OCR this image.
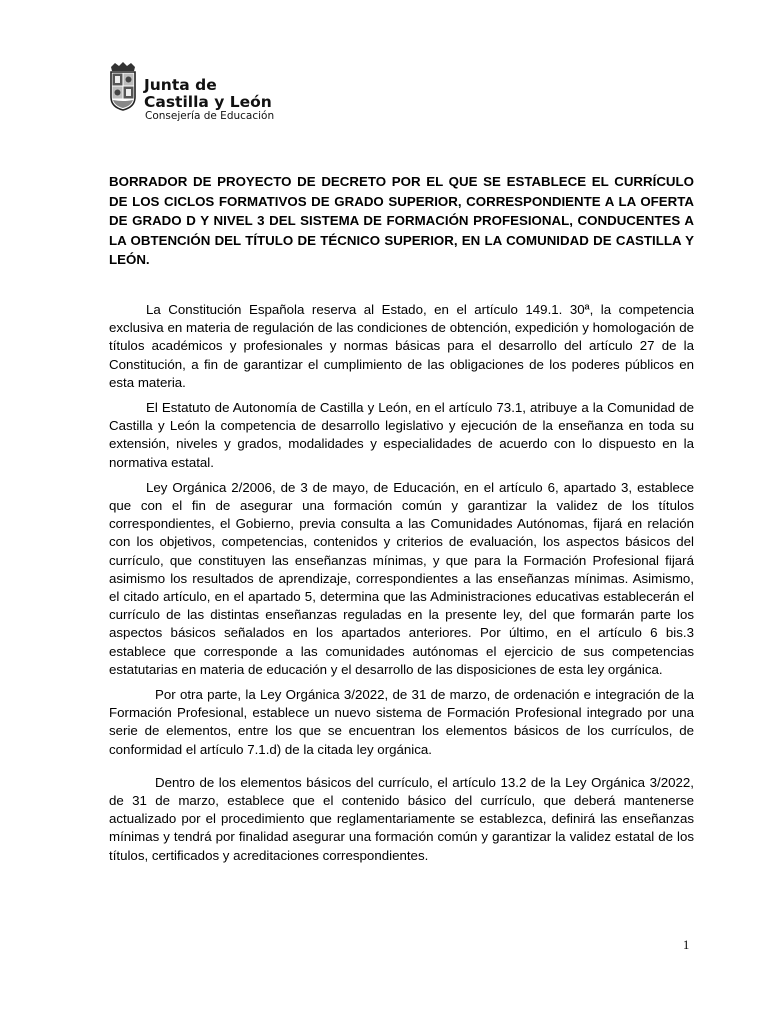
Junta de
Castilla y León
Consejería de Educación
BORRADOR DE PROYECTO DE DECRETO POR EL QUE SE ESTABLECE EL CURRÍCULO DE LOS CICLOS FORMATIVOS DE GRADO SUPERIOR, CORRESPONDIENTE A LA OFERTA DE GRADO D Y NIVEL 3 DEL SISTEMA DE FORMACIÓN PROFESIONAL, CONDUCENTES A LA OBTENCIÓN DEL TÍTULO DE TÉCNICO SUPERIOR, EN LA COMUNIDAD DE CASTILLA Y LEÓN.

La Constitución Española reserva al Estado, en el artículo 149.1. 30ª, la competencia exclusiva en materia de regulación de las condiciones de obtención, expedición y homologación de títulos académicos y profesionales y normas básicas para el desarrollo del artículo 27 de la Constitución, a fin de garantizar el cumplimiento de las obligaciones de los poderes públicos en esta materia.

El Estatuto de Autonomía de Castilla y León, en el artículo 73.1, atribuye a la Comunidad de Castilla y León la competencia de desarrollo legislativo y ejecución de la enseñanza en toda su extensión, niveles y grados, modalidades y especialidades de acuerdo con lo dispuesto en la normativa estatal.

Ley Orgánica 2/2006, de 3 de mayo, de Educación, en el artículo 6, apartado 3, establece que con el fin de asegurar una formación común y garantizar la validez de los títulos correspondientes, el Gobierno, previa consulta a las Comunidades Autónomas, fijará en relación con los objetivos, competencias, contenidos y criterios de evaluación, los aspectos básicos del currículo, que constituyen las enseñanzas mínimas, y que para la Formación Profesional fijará asimismo los resultados de aprendizaje, correspondientes a las enseñanzas mínimas. Asimismo, el citado artículo, en el apartado 5, determina que las Administraciones educativas establecerán el currículo de las distintas enseñanzas reguladas en la presente ley, del que formarán parte los aspectos básicos señalados en los apartados anteriores. Por último, en el artículo 6 bis.3 establece que corresponde a las comunidades autónomas el ejercicio de sus competencias estatutarias en materia de educación y el desarrollo de las disposiciones de esta ley orgánica.

Por otra parte, la Ley Orgánica 3/2022, de 31 de marzo, de ordenación e integración de la Formación Profesional, establece un nuevo sistema de Formación Profesional integrado por una serie de elementos, entre los que se encuentran los elementos básicos de los currículos, de conformidad el artículo 7.1.d) de la citada ley orgánica.

Dentro de los elementos básicos del currículo, el artículo 13.2 de la Ley Orgánica 3/2022, de 31 de marzo, establece que el contenido básico del currículo, que deberá mantenerse actualizado por el procedimiento que reglamentariamente se establezca, definirá las enseñanzas mínimas y tendrá por finalidad asegurar una formación común y garantizar la validez estatal de los títulos, certificados y acreditaciones correspondientes.

1
